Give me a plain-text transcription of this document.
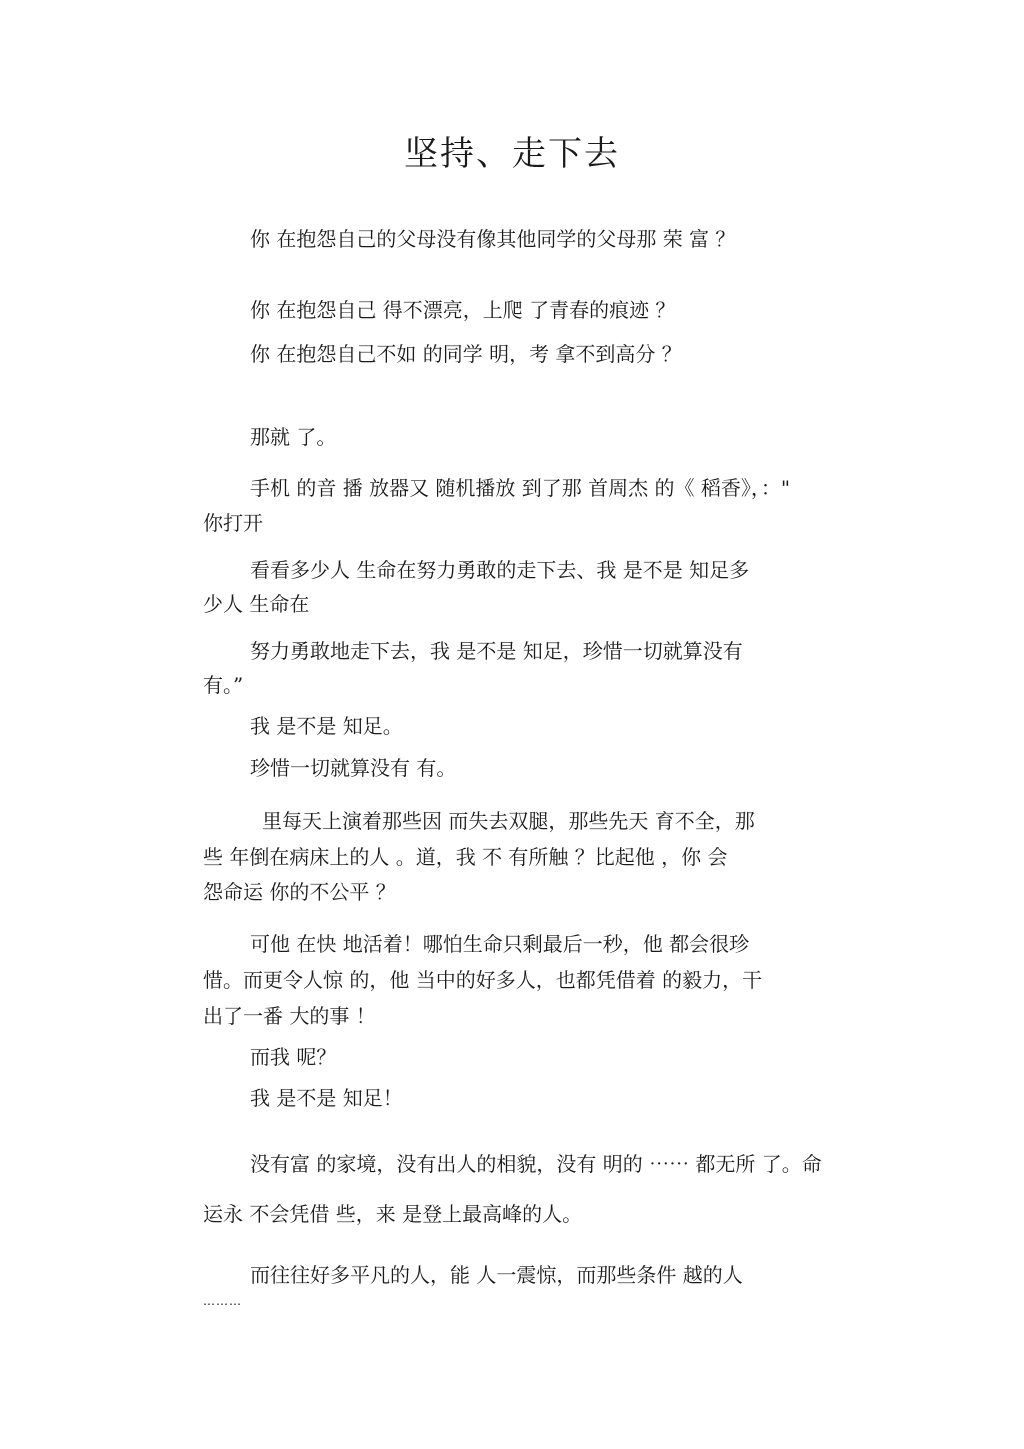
坚持、走下去

你 在抱怨自己的父母没有像其他同学的父母那 荣 富 ？

你 在抱怨自己 得不漂亮，上爬 了青春的痕迹 ？

你 在抱怨自己不如 的同学 明，考 拿不到高分 ？

那就 了。

手机 的音 播 放器又 随机播放 到了那 首周杰 的《 稻香》，："

你打开

看看多少人 生命在努力勇敢的走下去、我 是不是 知足多

少人 生命在

努力勇敢地走下去，我 是不是 知足，珍惜一切就算没有

有。”

我 是不是 知足。

珍惜一切就算没有 有。

里每天上演着那些因 而失去双腿，那些先天 育不全，那

些 年倒在病床上的人 。道，我 不 有所触 ？比起他 ，你 会

怨命运 你的不公平 ？

可他 在快 地活着！哪怕生命只剩最后一秒，他 都会很珍

惜。而更令人惊 的，他 当中的好多人，也都凭借着 的毅力，干

出了一番 大的事 ！

而我 呢？

我 是不是 知足！

没有富 的家境，没有出人的相貌，没有 明的 ⋯⋯ 都无所 了。命

运永 不会凭借 些，来 是登上最高峰的人。

而往往好多平凡的人，能 人一震惊，而那些条件 越的人

⋯⋯⋯
